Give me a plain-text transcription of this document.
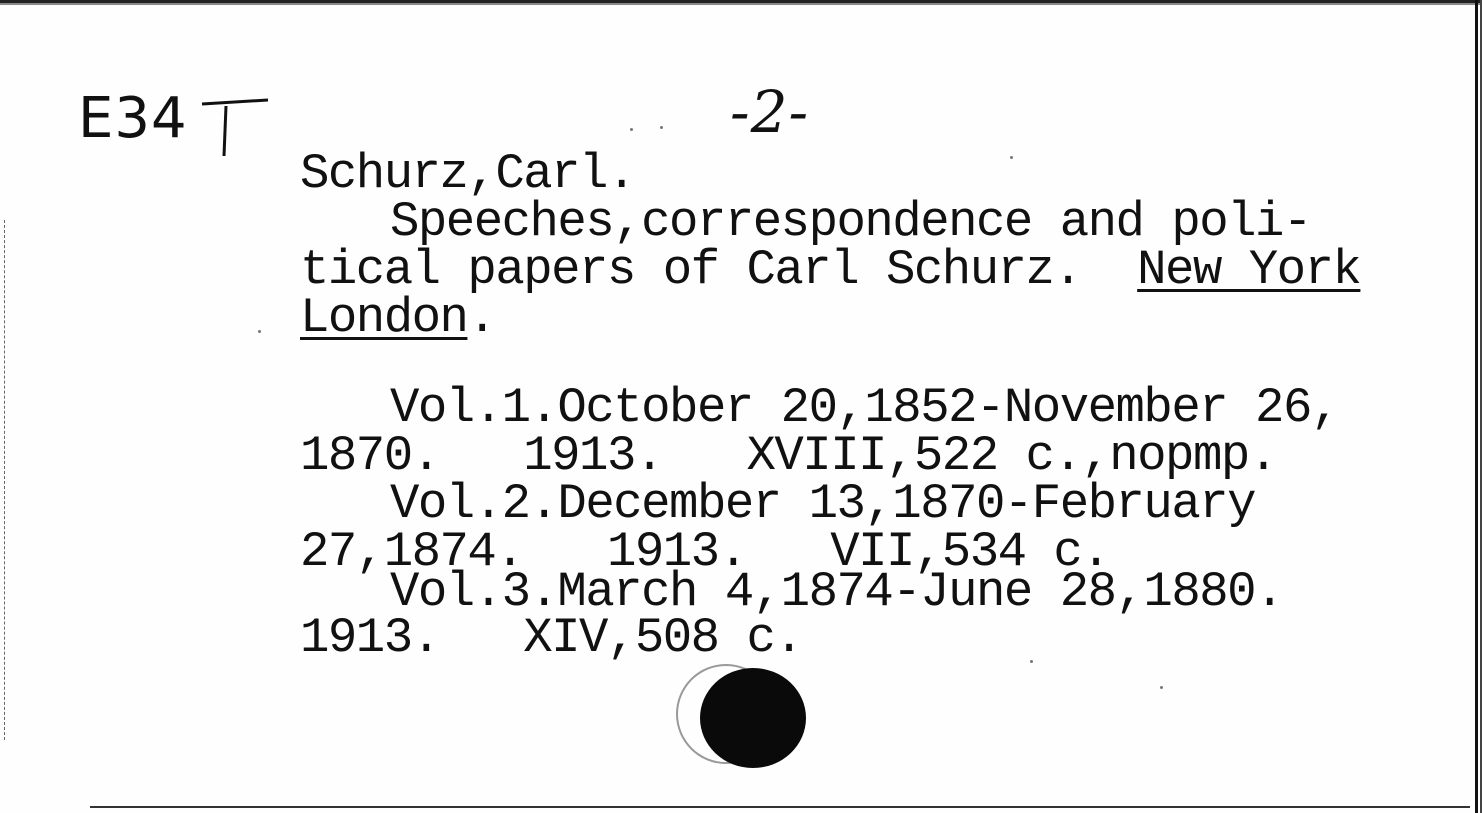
E34	-2-
Schurz,Carl.
Speeches,correspondence and poli-
tical papers of Carl Schurz.  New York
London.
Vol.1.October 20,1852-November 26,
1870.   1913.   XVIII,522 c.,nopmp.
Vol.2.December 13,1870-February
27,1874.   1913.   VII,534 c.
Vol.3.March 4,1874-June 28,1880.
1913.   XIV,508 c.
